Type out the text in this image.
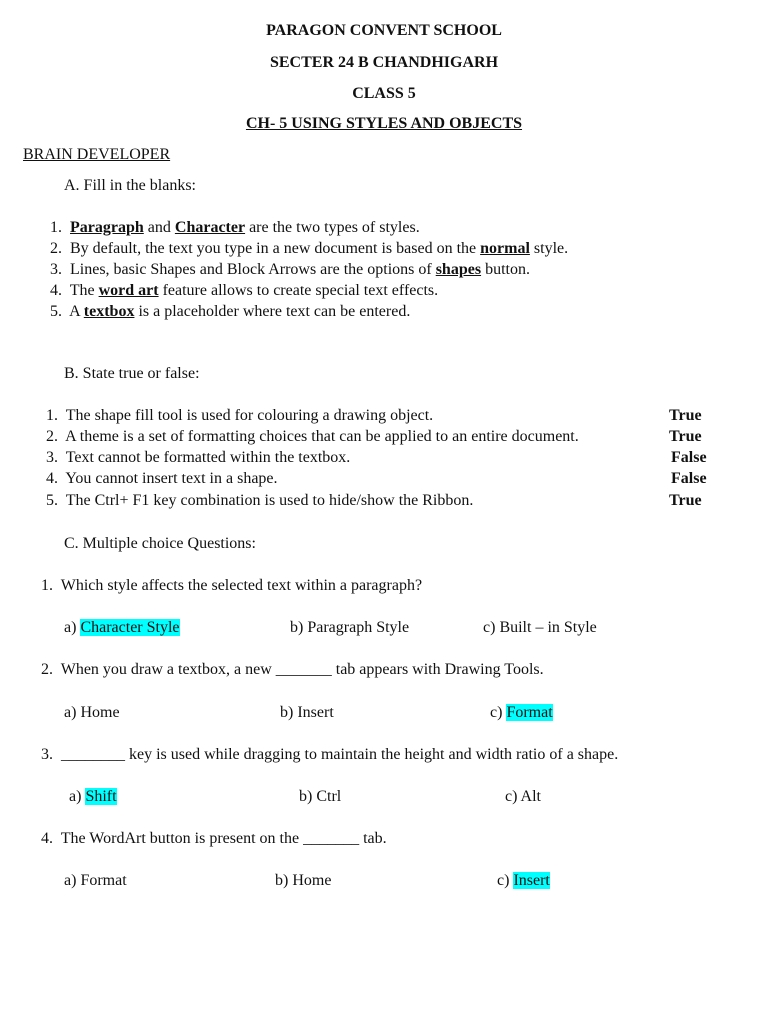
PARAGON CONVENT SCHOOL
SECTER 24 B CHANDHIGARH
CLASS 5
CH- 5 USING STYLES AND OBJECTS
BRAIN DEVELOPER
A. Fill in the blanks:
1. Paragraph and Character are the two types of styles.
2. By default, the text you type in a new document is based on the normal style.
3. Lines, basic Shapes and Block Arrows are the options of shapes button.
4. The word art feature allows to create special text effects.
5. A textbox is a placeholder where text can be entered.
B. State true or false:
1. The shape fill tool is used for colouring a drawing object.	True
2. A theme is a set of formatting choices that can be applied to an entire document.	True
3. Text cannot be formatted within the textbox.	False
4. You cannot insert text in a shape.	False
5. The Ctrl+ F1 key combination is used to hide/show the Ribbon.	True
C. Multiple choice Questions:
1. Which style affects the selected text within a paragraph?
a) Character Style	b) Paragraph Style	c) Built – in Style
2. When you draw a textbox, a new _______ tab appears with Drawing Tools.
a) Home	b) Insert	c) Format
3. ________ key is used while dragging to maintain the height and width ratio of a shape.
a) Shift	b) Ctrl	c) Alt
4. The WordArt button is present on the _______ tab.
a) Format	b) Home	c) Insert
